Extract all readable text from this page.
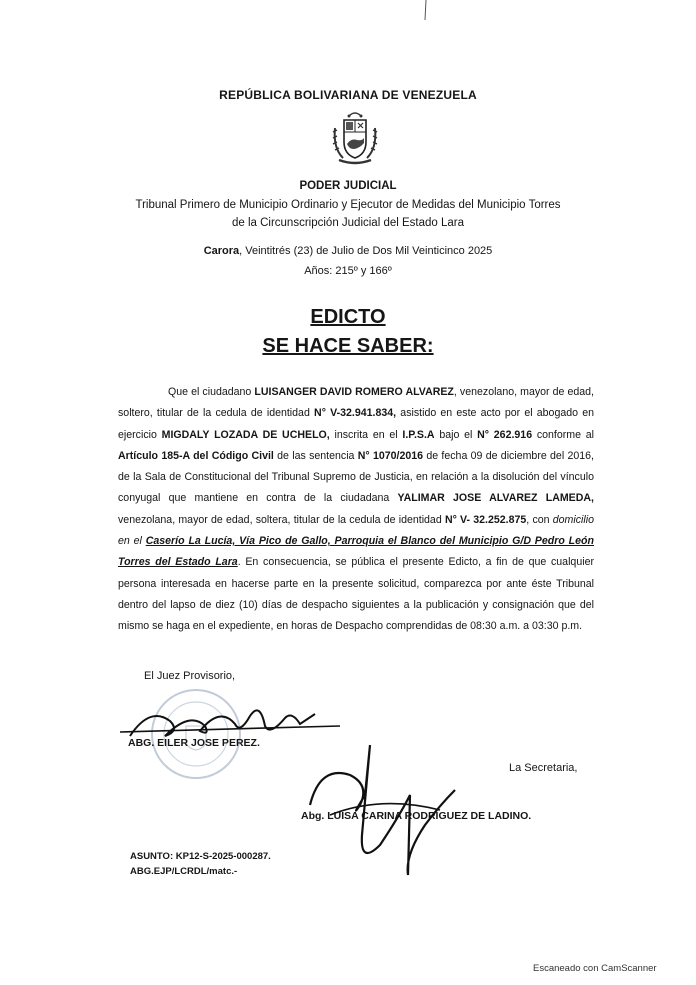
REPÚBLICA BOLIVARIANA DE VENEZUELA
PODER JUDICIAL
Tribunal Primero de Municipio Ordinario y Ejecutor de Medidas del Municipio Torres
de la Circunscripción Judicial del Estado Lara
Carora, Veintitrés (23) de Julio de Dos Mil Veinticinco 2025
Años: 215º y 166º
EDICTO
SE HACE SABER:

Que el ciudadano LUISANGER DAVID ROMERO ALVAREZ, venezolano, mayor de edad, soltero, titular de la cedula de identidad N° V-32.941.834, asistido en este acto por el abogado en ejercicio MIGDALY LOZADA DE UCHELO, inscrita en el I.P.S.A bajo el N° 262.916 conforme al Artículo 185-A del Código Civil de las sentencia N° 1070/2016 de fecha 09 de diciembre del 2016, de la Sala de Constitucional del Tribunal Supremo de Justicia, en relación a la disolución del vínculo conyugal que mantiene en contra de la ciudadana YALIMAR JOSE ALVAREZ LAMEDA, venezolana, mayor de edad, soltera, titular de la cedula de identidad N° V- 32.252.875, con domicilio en el Caserío La Lucía, Vía Pico de Gallo, Parroquia el Blanco del Municipio G/D Pedro León Torres del Estado Lara. En consecuencia, se pública el presente Edicto, a fin de que cualquier persona interesada en hacerse parte en la presente solicitud, comparezca por ante éste Tribunal dentro del lapso de diez (10) días de despacho siguientes a la publicación y consignación que del mismo se haga en el expediente, en horas de Despacho comprendidas de 08:30 a.m. a 03:30 p.m.

El Juez Provisorio,
ABG. EILER JOSE PEREZ.
La Secretaria,
Abg. LUISA CARINA RODRIGUEZ DE LADINO.
ASUNTO: KP12-S-2025-000287.
ABG.EJP/LCRDL/matc.-
Escaneado con CamScanner
